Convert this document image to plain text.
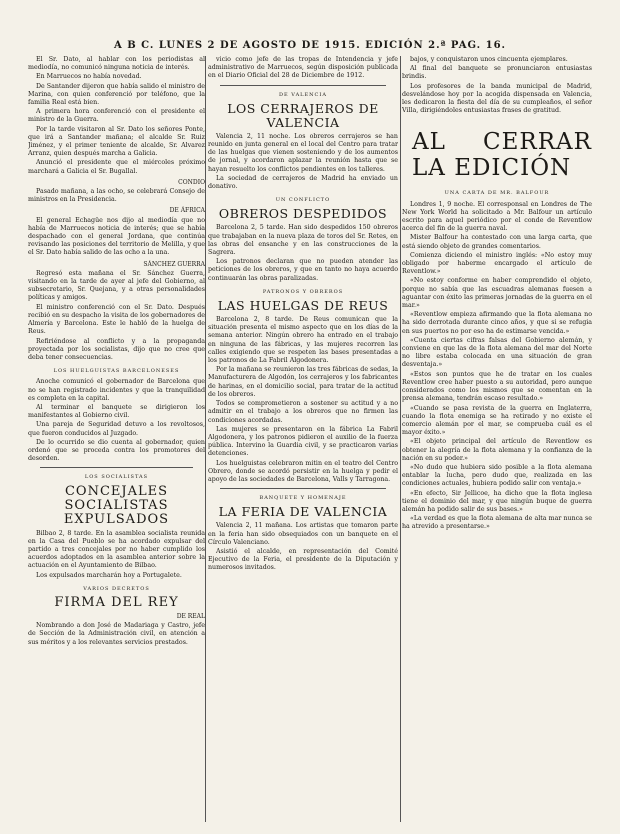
A B C. LUNES 2 DE AGOSTO DE 1915. EDICIÓN 2.ª PAG. 16.

El Sr. Dato, al hablar con los periodistas al mediodía, no comunicó ninguna noticia de interés.

En Marruecos no había novedad.

De Santander dijeron que había salido el ministro de Marina, con quien conferenció por teléfono, que la familia Real está bien.

A primera hora conferenció con el presidente el ministro de la Guerra.

Por la tarde visitaron al Sr. Dato los señores Ponte, que irá a Santander mañana; el alcalde Sr. Ruiz Jiménez, y el primer teniente de alcalde, Sr. Alvarez Arranz, quien después marcha a Galicia.

Anunció el presidente que el miércoles próximo marchará a Galicia el Sr. Bugallal.

CONDIO

Pasado mañana, a las ocho, se celebrará Consejo de ministros en la Presidencia.

DE ÁFRICA

El general Echagüe nos dijo al mediodía que no había de Marruecos noticia de interés; que se había despachado con el general Jordana, que continúa revisando las posiciones del territorio de Melilla, y que el Sr. Dato había salido de las ocho a la una.

SÁNCHEZ GUERRA

Regresó esta mañana el Sr. Sánchez Guerra, visitando en la tarde de ayer al jefe del Gobierno, al subsecretario, Sr. Quejana, y a otras personalidades políticas y amigos.

El ministro conferenció con el Sr. Dato. Después recibió en su despacho la visita de los gobernadores de Almería y Barcelona. Este le habló de la huelga de Reus.

Refiriéndose al conflicto y a la propaganda proyectada por los socialistas, dijo que no cree que deba tener consecuencias.

LOS HUELGUISTAS BARCELONESES

Anoche comunicó el gobernador de Barcelona que no se han registrado incidentes y que la tranquilidad es completa en la capital.

Al terminar el banquete se dirigieron los manifestantes al Gobierno civil.

Una pareja de Seguridad detuvo a los revoltosos, que fueron conducidos al Juzgado.

De lo ocurrido se dio cuenta al gobernador, quien ordenó que se proceda contra los promotores del desorden.

LOS SOCIALISTAS
CONCEJALES SOCIALISTAS EXPULSADOS

Bilbao 2, 8 tarde. En la asamblea socialista reunida en la Casa del Pueblo se ha acordado expulsar del partido a tres concejales por no haber cumplido los acuerdos adoptados en la asamblea anterior sobre la actuación en el Ayuntamiento de Bilbao.

Los expulsados marcharán hoy a Portugalete.

VARIOS DECRETOS
FIRMA DEL REY
DE REAL

Nombrando a don José de Madariaga y Castro, jefe de Sección de la Administración civil, en atención a sus méritos y a los relevantes servicios prestados.

vicio como jefe de las tropas de Intendencia y jefe administrativo de Marruecos, según disposición publicada en el Diario Oficial del 28 de Diciembre de 1912.

DE VALENCIA
LOS CERRAJEROS DE VALENCIA

Valencia 2, 11 noche. Los obreros cerrajeros se han reunido en junta general en el local del Centro para tratar de las huelgas que vienen sosteniendo y de los aumentos de jornal, y acordaron aplazar la reunión hasta que se hayan resuelto los conflictos pendientes en los talleres.

La sociedad de cerrajeros de Madrid ha enviado un donativo.

UN CONFLICTO
OBREROS DESPEDIDOS

Barcelona 2, 5 tarde. Han sido despedidos 150 obreros que trabajaban en la nueva plaza de toros del Sr. Retes, en las obras del ensanche y en las construcciones de la Sagrera.

Los patronos declaran que no pueden atender las peticiones de los obreros, y que en tanto no haya acuerdo continuarán las obras paralizadas.

PATRONOS Y OBREROS
LAS HUELGAS DE REUS

Barcelona 2, 8 tarde. De Reus comunican que la situación presenta el mismo aspecto que en los días de la semana anterior. Ningún obrero ha entrado en el trabajo en ninguna de las fábricas, y las mujeres recorren las calles exigiendo que se respeten las bases presentadas a los patronos de La Fabril Algodonera.

Por la mañana se reunieron las tres fábricas de sedas, la Manufacturera de Algodón, los cerrajeros y los fabricantes de harinas, en el domicilio social, para tratar de la actitud de los obreros.

Todos se comprometieron a sostener su actitud y a no admitir en el trabajo a los obreros que no firmen las condiciones acordadas.

Las mujeres se presentaron en la fábrica La Fabril Algodonera, y los patronos pidieron el auxilio de la fuerza pública. Intervino la Guardia civil, y se practicaron varias detenciones.

Los huelguistas celebraron mitin en el teatro del Centro Obrero, donde se acordó persistir en la huelga y pedir el apoyo de las sociedades de Barcelona, Valls y Tarragona.

BANQUETE Y HOMENAJE
LA FERIA DE VALENCIA

Valencia 2, 11 mañana. Los artistas que tomaron parte en la feria han sido obsequiados con un banquete en el Círculo Valenciano.

Asistió el alcalde, en representación del Comité Ejecutivo de la Feria, el presidente de la Diputación y numerosos invitados.

bajos, y conquistaron unos cincuenta ejemplares.

Al final del banquete se pronunciaron entusiastas brindis.

Los profesores de la banda municipal de Madrid, desvelándose hoy por la acogida dispensada en Valencia, les dedicaron la fiesta del día de su cumpleaños, el señor Villa, dirigiéndoles entusiastas frases de gratitud.

AL CERRAR LA EDICIÓN
UNA CARTA DE MR. BALFOUR

Londres 1, 9 noche. El corresponsal en Londres de The New York World ha solicitado a Mr. Balfour un artículo escrito para aquel periódico por el conde de Reventlow acerca del fin de la guerra naval.

Mister Balfour ha contestado con una larga carta, que está siendo objeto de grandes comentarios.

Comienza diciendo el ministro inglés: «No estoy muy obligado por haberme encargado el artículo de Reventlow.»

«No estoy conforme en haber comprendido el objeto, porque no sabía que las escuadras alemanas fuesen a aguantar con éxito las primeras jornadas de la guerra en el mar.»

«Reventlow empieza afirmando que la flota alemana no ha sido derrotada durante cinco años, y que si se refugia en sus puertos no por eso ha de estimarse vencida.»

«Cuenta ciertas cifras falsas del Gobierno alemán, y conviene en que las de la flota alemana del mar del Norte no libre estaba colocada en una situación de gran desventaja.»

«Estos son puntos que he de tratar en los cuales Reventlow cree haber puesto a su autoridad, pero aunque considerados como los mismos que se comentan en la prensa alemana, tendrán escaso resultado.»

«Cuando se pasa revista de la guerra en Inglaterra, cuando la flota enemiga se ha retirado y no existe el comercio alemán por el mar, se comprueba cuál es el mayor éxito.»

«El objeto principal del artículo de Reventlow es obtener la alegría de la flota alemana y la confianza de la nación en su poder.»

«No dudo que hubiera sido posible a la flota alemana entablar la lucha, pero dudo que, realizada en las condiciones actuales, hubiera podido salir con ventaja.»

«En efecto, Sir Jellicoe, ha dicho que la flota inglesa tiene el dominio del mar, y que ningún buque de guerra alemán ha podido salir de sus bases.»

«La verdad es que la flota alemana de alta mar nunca se ha atrevido a presentarse.»
